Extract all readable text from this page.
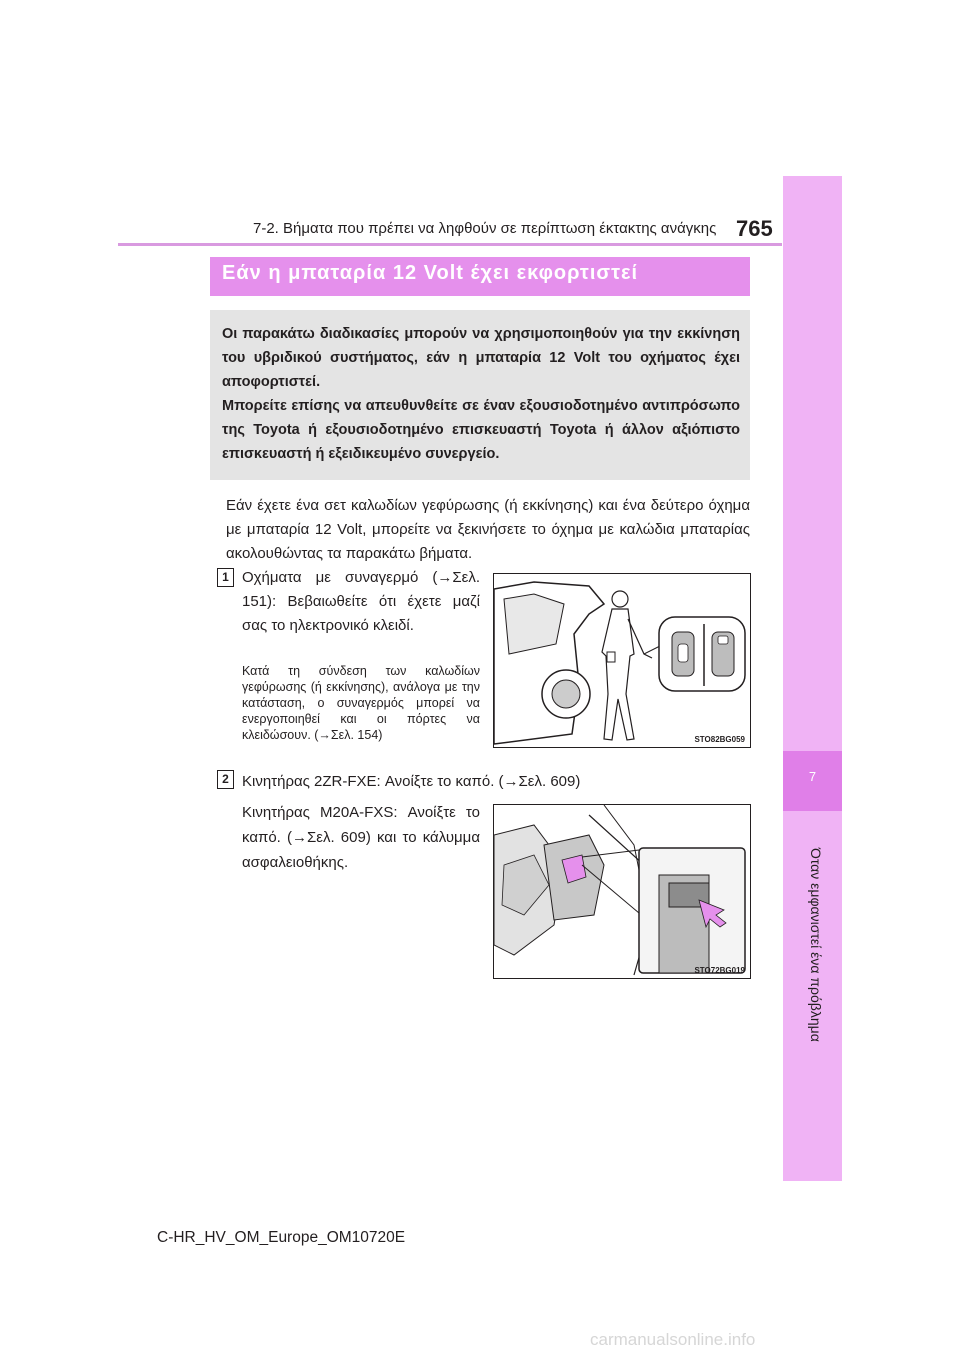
7-2. Βήματα που πρέπει να ληφθούν σε περίπτωση έκτακτης ανάγκης 765
7
Όταν εμφανιστεί ένα πρόβλημα
Εάν η μπαταρία 12 Volt έχει εκφορτιστεί
Οι παρακάτω διαδικασίες μπορούν να χρησιμοποιηθούν για την εκκίνηση του υβριδικού συστήματος, εάν η μπαταρία 12 Volt του οχήματος έχει αποφορτιστεί.
Μπορείτε επίσης να απευθυνθείτε σε έναν εξουσιοδοτημένο αντιπρόσωπο της Toyota ή εξουσιοδοτημένο επισκευαστή Toyota ή άλλον αξιόπιστο επισκευαστή ή εξειδικευμένο συνεργείο.
Εάν έχετε ένα σετ καλωδίων γεφύρωσης (ή εκκίνησης) και ένα δεύτερο όχημα με μπαταρία 12 Volt, μπορείτε να ξεκινήσετε το όχημα με καλώδια μπαταρίας ακολουθώντας τα παρακάτω βήματα.
1 Οχήματα με συναγερμό (→Σελ. 151): Βεβαιωθείτε ότι έχετε μαζί σας το ηλεκτρονικό κλειδί.
Κατά τη σύνδεση των καλωδίων γεφύρωσης (ή εκκίνησης), ανάλογα με την κατάσταση, ο συναγερμός μπορεί να ενεργοποιηθεί και οι πόρτες να κλειδώσουν. (→Σελ. 154)	STO82BG059
2 Κινητήρας 2ZR-FXE: Ανοίξτε το καπό. (→Σελ. 609)
Κινητήρας M20A-FXS: Ανοίξτε το καπό. (→Σελ. 609) και το κάλυμμα ασφαλειοθήκης.
STO72BG019
C-HR_HV_OM_Europe_OM10720E
carmanualsonline.info
